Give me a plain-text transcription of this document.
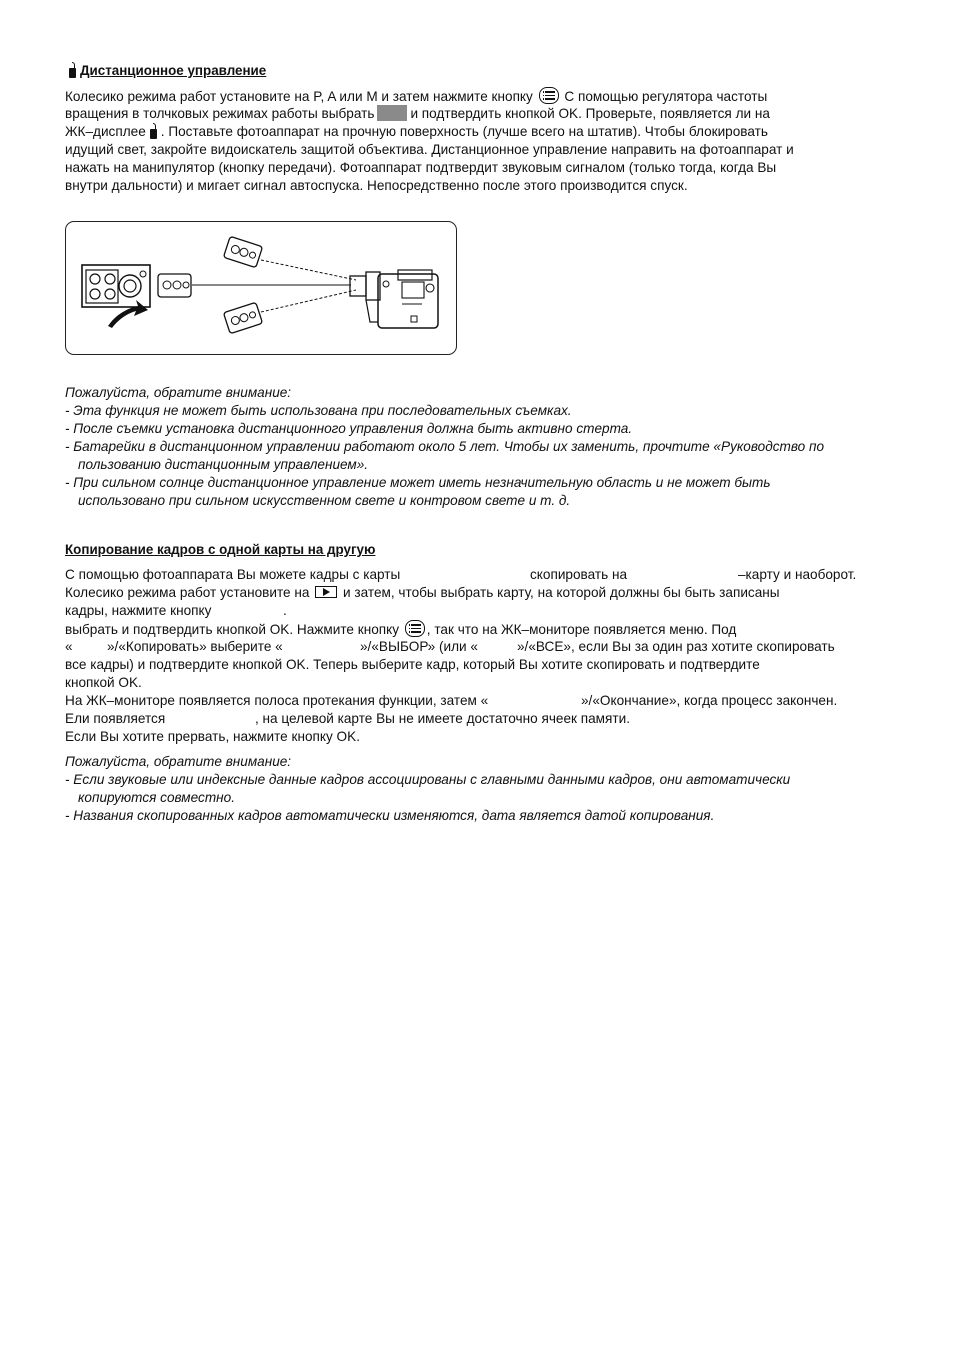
Дистанционное управление
Колесико режима работ установите на P, A или M и затем нажмите кнопку С помощью регулятора частоты
вращения в толчковых режимах работы выбрать	и подтвердить кнопкой OK. Проверьте, появляется ли на
ЖК–дисплее . Поставьте фотоаппарат на прочную поверхность (лучше всего на штатив). Чтобы блокировать
идущий свет, закройте видоискатель защитой объектива. Дистанционное управление направить на фотоаппарат и
нажать на манипулятор (кнопку передачи). Фотоаппарат подтвердит звуковым сигналом (только тогда, когда Вы
внутри дальности) и мигает сигнал автоспуска. Непосредственно после этого производится спуск.
Пожалуйста, обратите внимание:
- Эта функция не может быть использована при последовательных съемках.
- После съемки установка дистанционного управления должна быть активно стерта.
- Батарейки в дистанционном управлении работают около 5 лет. Чтобы их заменить, прочтите «Руководство по
пользованию дистанционным управлением».
- При сильном солнце дистанционное управление может иметь незначительную область и не может быть
использовано при сильном искусственном свете и контровом свете и т. д.
Копирование кадров с одной карты на другую
С помощью фотоаппарата Вы можете кадры с карты	скопировать на	–карту и наоборот.
Колесико режима работ установите на и затем, чтобы выбрать карту, на которой должны бы быть записаны
кадры, нажмите кнопку	.
выбрать и подтвердить кнопкой OK. Нажмите кнопку , так что на ЖК–мониторе появляется меню. Под
«	»/«Копировать» выберите «	»/«ВЫБОР» (или «	»/«ВСЕ», если Вы за один раз хотите скопировать
все кадры) и подтвердите кнопкой OK. Теперь выберите кадр, который Вы хотите скопировать и подтвердите
кнопкой OK.
На ЖК–мониторе появляется полоса протекания функции, затем «	»/«Окончание», когда процесс закончен.
Ели появляется	, на целевой карте Вы не имеете достаточно ячеек памяти.
Если Вы хотите прервать, нажмите кнопку OK.
Пожалуйста, обратите внимание:
- Если звуковые или индексные данные кадров ассоциированы с главными данными кадров, они автоматически
копируются совместно.
- Названия скопированных кадров автоматически изменяются, дата является датой копирования.
